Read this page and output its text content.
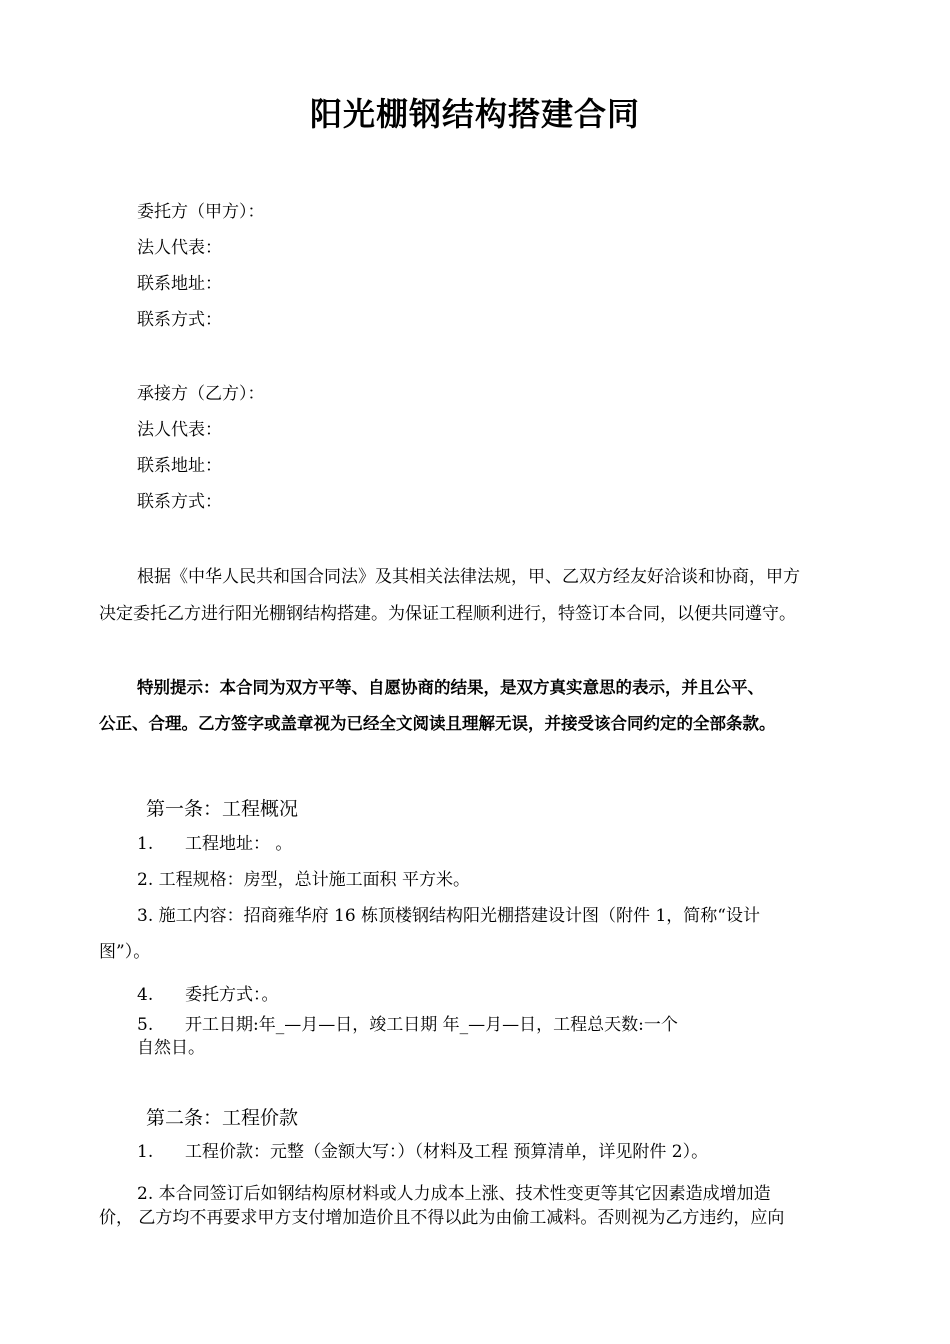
阳光棚钢结构搭建合同
委托方（甲方）：
法人代表：
联系地址：
联系方式：
承接方（乙方）：
法人代表：
联系地址：
联系方式：
根据《中华人民共和国合同法》及其相关法律法规，甲、乙双方经友好洽谈和协商，甲方
决定委托乙方进行阳光棚钢结构搭建。为保证工程顺利进行，特签订本合同，以便共同遵守。
特别提示：本合同为双方平等、自愿协商的结果，是双方真实意思的表示，并且公平、
公正、合理。乙方签字或盖章视为已经全文阅读且理解无误，并接受该合同约定的全部条款。
第一条：工程概况
1. 工程地址： 。
2. 工程规格：房型，总计施工面积 平方米。
3. 施工内容：招商雍华府 16 栋顶楼钢结构阳光棚搭建设计图（附件 1，简称“设计
图”）。
4. 委托方式：。
5. 开工日期:年_—月—日，竣工日期 年_—月—日，工程总天数:一个
自然日。
第二条：工程价款
1. 工程价款：元整（金额大写：）（材料及工程 预算清单，详见附件 2）。
2. 本合同签订后如钢结构原材料或人力成本上涨、技术性变更等其它因素造成增加造
价， 乙方均不再要求甲方支付增加造价且不得以此为由偷工减料。否则视为乙方违约，应向
